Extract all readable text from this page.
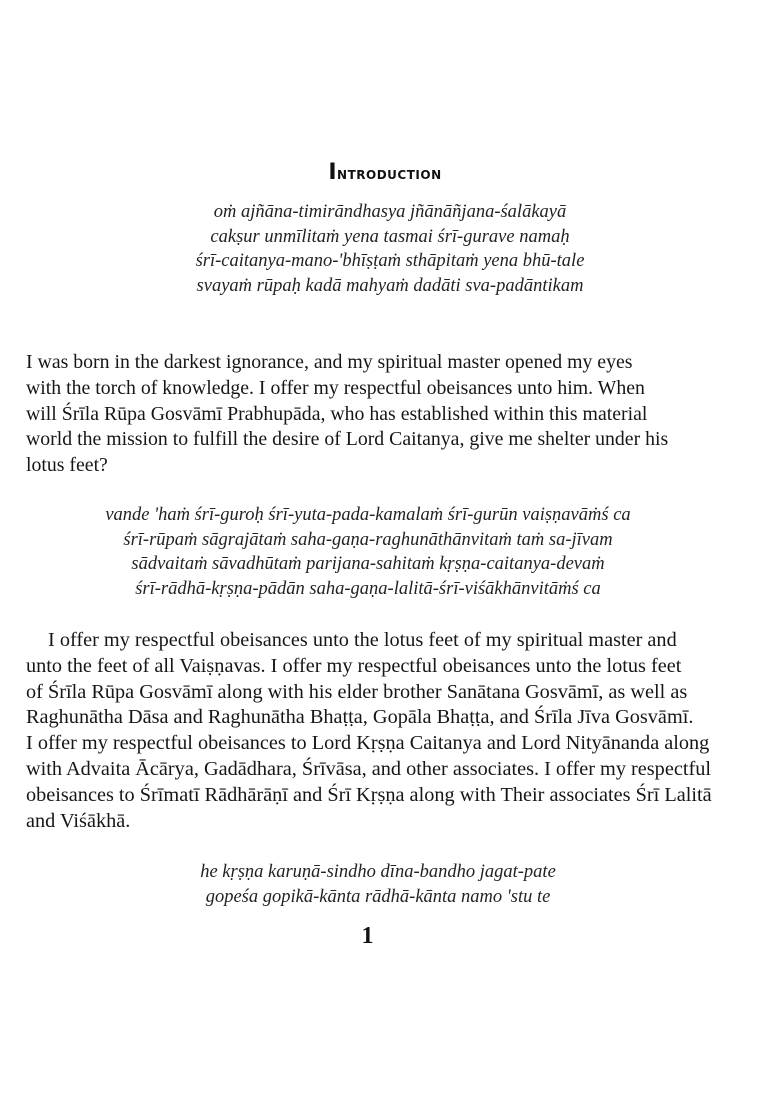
Introduction
oṁ ajñāna-timirāndhasya jñānāñjana-śalākayā
cakṣur unmīlitaṁ yena tasmai śrī-gurave namaḥ
śrī-caitanya-mano-'bhīṣṭaṁ sthāpitaṁ yena bhū-tale
svayaṁ rūpaḥ kadā mahyaṁ dadāti sva-padāntikam
I was born in the darkest ignorance, and my spiritual master opened my eyes
with the torch of knowledge. I offer my respectful obeisances unto him. When
will Śrīla Rūpa Gosvāmī Prabhupāda, who has established within this material
world the mission to fulfill the desire of Lord Caitanya, give me shelter under his
lotus feet?
vande 'haṁ śrī-guroḥ śrī-yuta-pada-kamalaṁ śrī-gurūn vaiṣṇavāṁś ca
śrī-rūpaṁ sāgrajātaṁ saha-gaṇa-raghunāthānvitaṁ taṁ sa-jīvam
sādvaitaṁ sāvadhūtaṁ parijana-sahitaṁ kṛṣṇa-caitanya-devaṁ
śrī-rādhā-kṛṣṇa-pādān saha-gaṇa-lalitā-śrī-viśākhānvitāṁś ca
I offer my respectful obeisances unto the lotus feet of my spiritual master and
unto the feet of all Vaiṣṇavas. I offer my respectful obeisances unto the lotus feet
of Śrīla Rūpa Gosvāmī along with his elder brother Sanātana Gosvāmī, as well as
Raghunātha Dāsa and Raghunātha Bhaṭṭa, Gopāla Bhaṭṭa, and Śrīla Jīva Gosvāmī.
I offer my respectful obeisances to Lord Kṛṣṇa Caitanya and Lord Nityānanda along
with Advaita Ācārya, Gadādhara, Śrīvāsa, and other associates. I offer my respectful
obeisances to Śrīmatī Rādhārāṇī and Śrī Kṛṣṇa along with Their associates Śrī Lalitā
and Viśākhā.
he kṛṣṇa karuṇā-sindho dīna-bandho jagat-pate
gopeśa gopikā-kānta rādhā-kānta namo 'stu te
1
